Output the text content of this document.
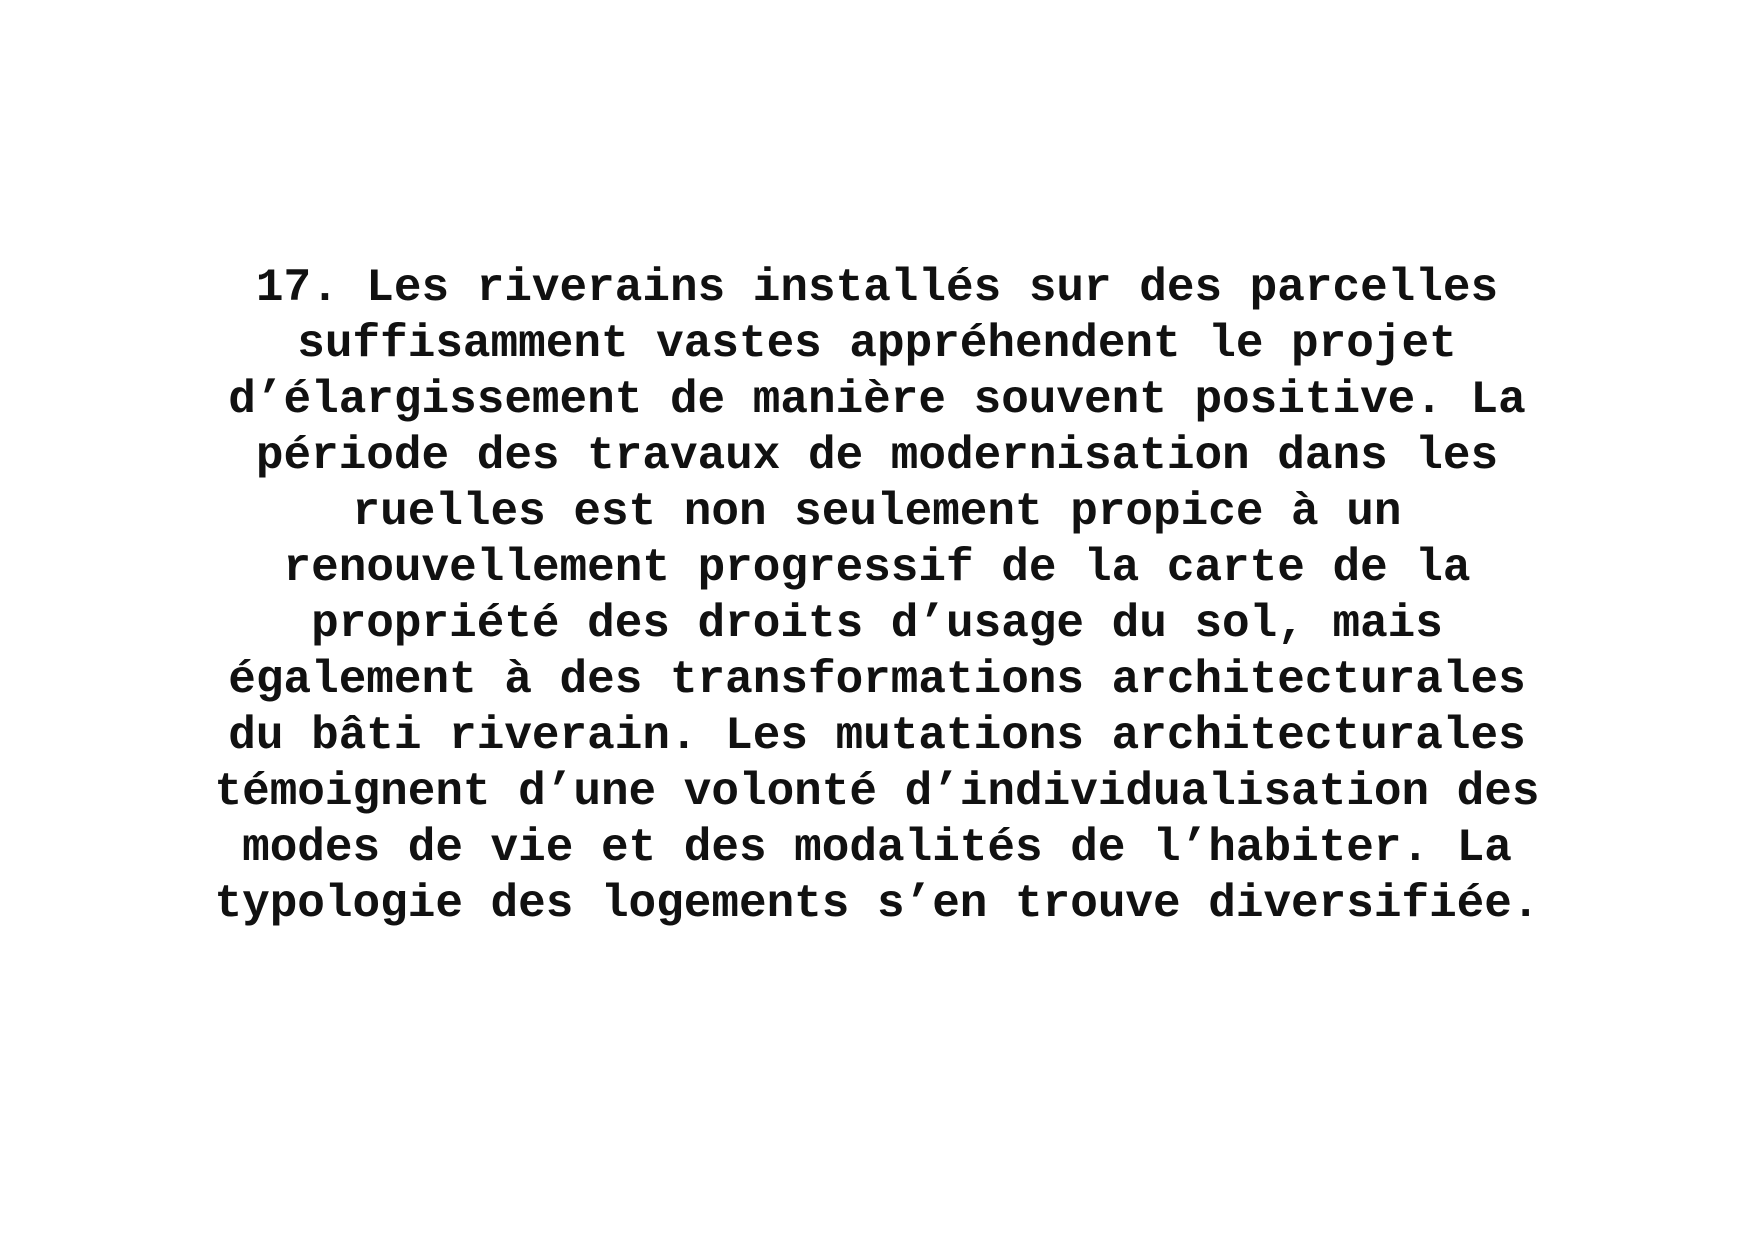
17. Les riverains installés sur des parcelles
suffisamment vastes appréhendent le projet
d’élargissement de manière souvent positive. La
période des travaux de modernisation dans les
ruelles est non seulement propice à un
renouvellement progressif de la carte de la
propriété des droits d’usage du sol, mais
également à des transformations architecturales
du bâti riverain. Les mutations architecturales
témoignent d’une volonté d’individualisation des
modes de vie et des modalités de l’habiter. La
typologie des logements s’en trouve diversifiée.
